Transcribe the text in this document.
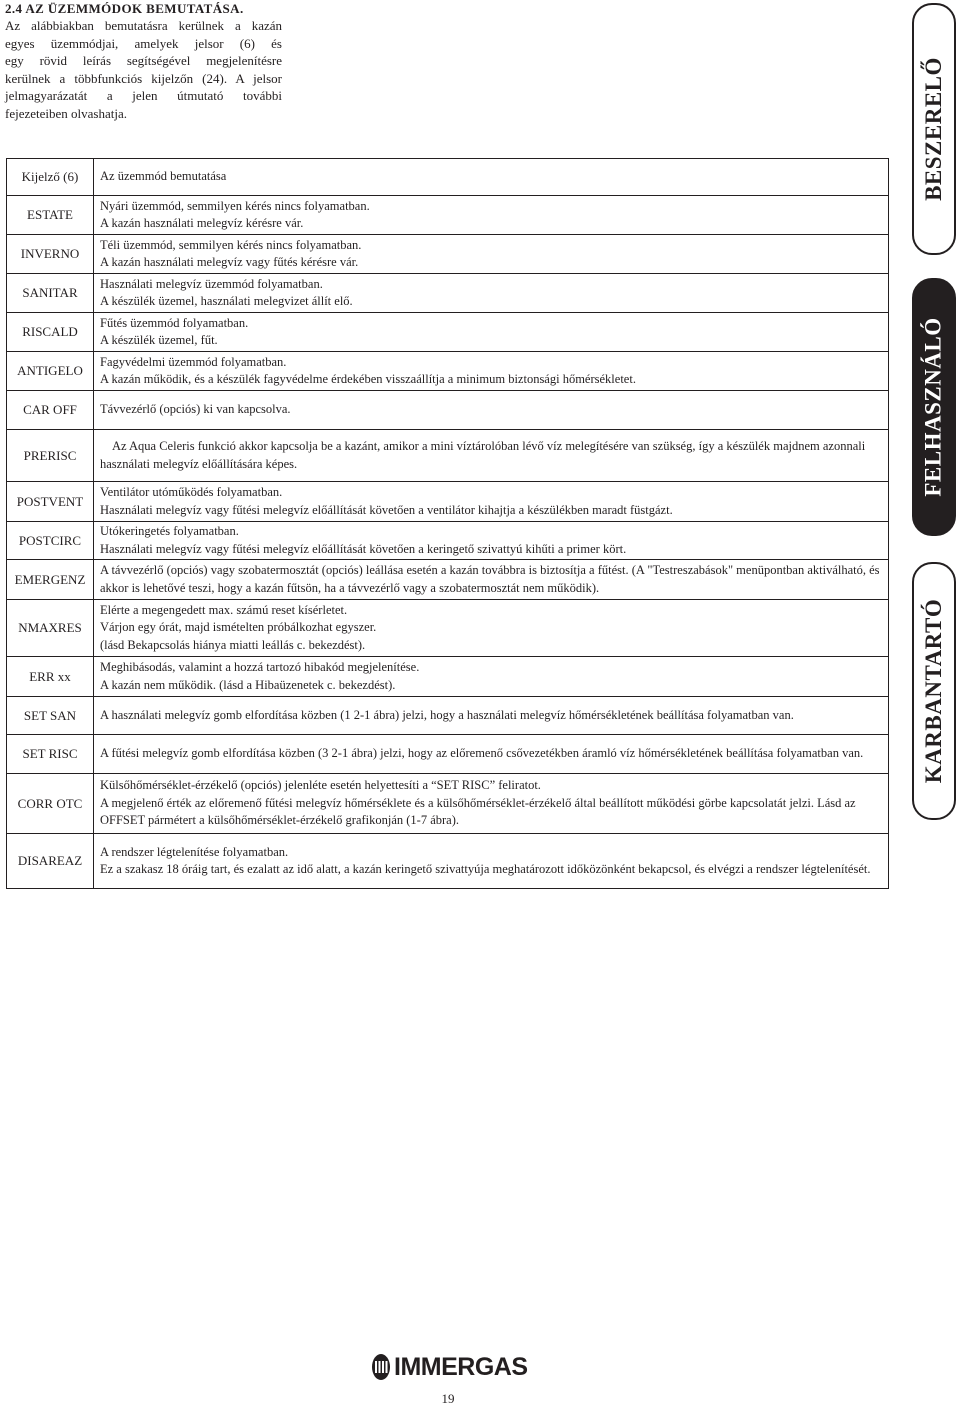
2.4 AZ ÜZEMMÓDOK BEMUTATÁSA.
Az alábbiakban bemutatásra kerülnek a kazán
egyes üzemmódjai, amelyek jelsor (6) és
egy rövid leírás segítségével megjelenítésre
kerülnek a többfunkciós kijelzőn (24). A jelsor
jelmagyarázatát a jelen útmutató további
fejezeteiben olvashatja.
Kijelző (6)	Az üzemmód bemutatása
ESTATE	Nyári üzemmód, semmilyen kérés nincs folyamatban.
A kazán használati melegvíz kérésre vár.

INVERNO	Téli üzemmód, semmilyen kérés nincs folyamatban.
A kazán használati melegvíz vagy fűtés kérésre vár.

SANITAR	Használati melegvíz üzemmód folyamatban.
A készülék üzemel, használati melegvizet állít elő.

RISCALD	Fűtés üzemmód folyamatban.
A készülék üzemel, fűt.

ANTIGELO	Fagyvédelmi üzemmód folyamatban.
A kazán működik, és a készülék fagyvédelme érdekében visszaállítja a minimum biztonsági hőmérsékletet.

CAR OFF	Távvezérlő (opciós) ki van kapcsolva.

PRERISC	Az Aqua Celeris funkció akkor kapcsolja be a kazánt, amikor a mini víztárolóban lévő víz melegítésére van szükség, így a készülék majdnem azonnali használati melegvíz előállítására képes.

POSTVENT	Ventilátor utóműködés folyamatban.
Használati melegvíz vagy fűtési melegvíz előállítását követően a ventilátor kihajtja a készülékben maradt füstgázt.

POSTCIRC	Utókeringetés folyamatban.
Használati melegvíz vagy fűtési melegvíz előállítását követően a keringető szivattyú kihűti a primer kört.

EMERGENZ	A távvezérlő (opciós) vagy szobatermosztát (opciós) leállása esetén a kazán továbbra is biztosítja a fűtést. (A "Testreszabások" menüpontban aktiválható, és akkor is lehetővé teszi, hogy a kazán fűtsön, ha a távvezérlő vagy a szobatermosztát nem működik).

NMAXRES	Elérte a megengedett max. számú reset kísérletet.
Várjon egy órát, majd ismételten próbálkozhat egyszer.
(lásd Bekapcsolás hiánya miatti leállás c. bekezdést).

ERR xx	Meghibásodás, valamint a hozzá tartozó hibakód megjelenítése.
A kazán nem működik. (lásd a Hibaüzenetek c. bekezdést).

SET SAN	A használati melegvíz gomb elfordítása közben (1 2-1 ábra) jelzi, hogy a használati melegvíz hőmérsékletének beállítása folyamatban van.

SET RISC	A fűtési melegvíz gomb elfordítása közben (3 2-1 ábra) jelzi, hogy az előremenő csővezetékben áramló víz hőmérsékletének beállítása folyamatban van.

CORR OTC	Külsőhőmérséklet-érzékelő (opciós) jelenléte esetén helyettesíti a “SET RISC” feliratot.
A megjelenő érték az előremenő fűtési melegvíz hőmérséklete és a külsőhőmérséklet-érzékelő által beállított működési görbe kapcsolatát jelzi. Lásd az OFFSET pármétert a külsőhőmérséklet-érzékelő grafikonján (1-7 ábra).

DISAREAZ	A rendszer légtelenítése folyamatban.
Ez a szakasz 18 óráig tart, és ezalatt az idő alatt, a kazán keringető szivattyúja meghatározott időközönként bekapcsol, és elvégzi a rendszer légtelenítését.
BESZERELŐ
FELHASZNÁLÓ
KARBANTARTÓ
IMMERGAS
19
